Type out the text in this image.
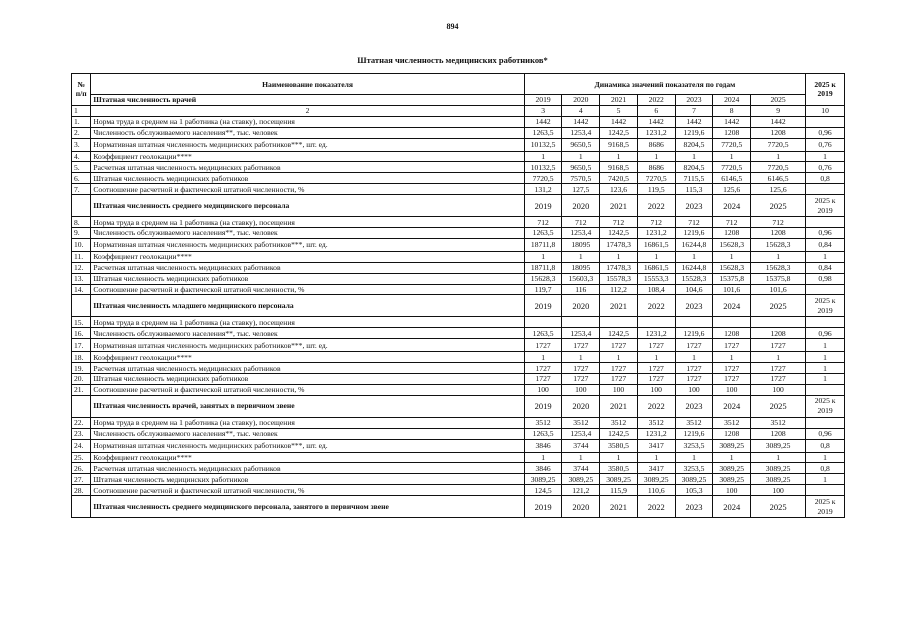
894
Штатная численность медицинских работников*
№
п/п	Наименование показателя	Динамика значений показателя по годам							2025 к 2019
	Штатная численность врачей	2019	2020	2021	2022	2023	2024	2025	
1	2	3	4	5	6	7	8	9	10
1.	Норма труда в среднем на 1 работника (на ставку), посещения	1442	1442	1442	1442	1442	1442	1442	
2.	Численность обслуживаемого населения**, тыс. человек	1263,5	1253,4	1242,5	1231,2	1219,6	1208	1208	0,96
3.	Нормативная штатная численность медицинских работников***, шт. ед.	10132,5	9650,5	9168,5	8686	8204,5	7720,5	7720,5	0,76
4.	Коэффициент геолокации****	1	1	1	1	1	1	1	1
5.	Расчетная штатная численность медицинских работников	10132,5	9650,5	9168,5	8686	8204,5	7720,5	7720,5	0,76
6.	Штатная численность медицинских работников	7720,5	7570,5	7420,5	7270,5	7115,5	6146,5	6146,5	0,8
7.	Соотношение расчетной и фактической штатной численности, %	131,2	127,5	123,6	119,5	115,3	125,6	125,6	
	Штатная численность среднего медицинского персонала	2019	2020	2021	2022	2023	2024	2025	2025 к 2019
8.	Норма труда в среднем на 1 работника (на ставку), посещения	712	712	712	712	712	712	712	
9.	Численность обслуживаемого населения**, тыс. человек	1263,5	1253,4	1242,5	1231,2	1219,6	1208	1208	0,96
10.	Нормативная штатная численность медицинских работников***, шт. ед.	18711,8	18095	17478,3	16861,5	16244,8	15628,3	15628,3	0,84
11.	Коэффициент геолокации****	1	1	1	1	1	1	1	1
12.	Расчетная штатная численность медицинских работников	18711,8	18095	17478,3	16861,5	16244,8	15628,3	15628,3	0,84
13.	Штатная численность медицинских работников	15628,3	15603,3	15578,3	15553,3	15528,3	15375,8	15375,8	0,98
14.	Соотношение расчетной и фактической штатной численности, %	119,7	116	112,2	108,4	104,6	101,6	101,6	
	Штатная численность младшего медицинского персонала	2019	2020	2021	2022	2023	2024	2025	2025 к 2019
15.	Норма труда в среднем на 1 работника (на ставку), посещения								
16.	Численность обслуживаемого населения**, тыс. человек	1263,5	1253,4	1242,5	1231,2	1219,6	1208	1208	0,96
17.	Нормативная штатная численность медицинских работников***, шт. ед.	1727	1727	1727	1727	1727	1727	1727	1
18.	Коэффициент геолокации****	1	1	1	1	1	1	1	1
19.	Расчетная штатная численность медицинских работников	1727	1727	1727	1727	1727	1727	1727	1
20.	Штатная численность медицинских работников	1727	1727	1727	1727	1727	1727	1727	1
21.	Соотношение расчетной и фактической штатной численности, %	100	100	100	100	100	100	100	
	Штатная численность врачей, занятых в первичном звене	2019	2020	2021	2022	2023	2024	2025	2025 к 2019
22.	Норма труда в среднем на 1 работника (на ставку), посещения	3512	3512	3512	3512	3512	3512	3512	
23.	Численность обслуживаемого населения**, тыс. человек	1263,5	1253,4	1242,5	1231,2	1219,6	1208	1208	0,96
24.	Нормативная штатная численность медицинских работников***, шт. ед.	3846	3744	3580,5	3417	3253,5	3089,25	3089,25	0,8
25.	Коэффициент геолокации****	1	1	1	1	1	1	1	1
26.	Расчетная штатная численность медицинских работников	3846	3744	3580,5	3417	3253,5	3089,25	3089,25	0,8
27.	Штатная численность медицинских работников	3089,25	3089,25	3089,25	3089,25	3089,25	3089,25	3089,25	1
28.	Соотношение расчетной и фактической штатной численности, %	124,5	121,2	115,9	110,6	105,3	100	100	
	Штатная численность среднего медицинского персонала, занятого в первичном звене	2019	2020	2021	2022	2023	2024	2025	2025 к 2019
